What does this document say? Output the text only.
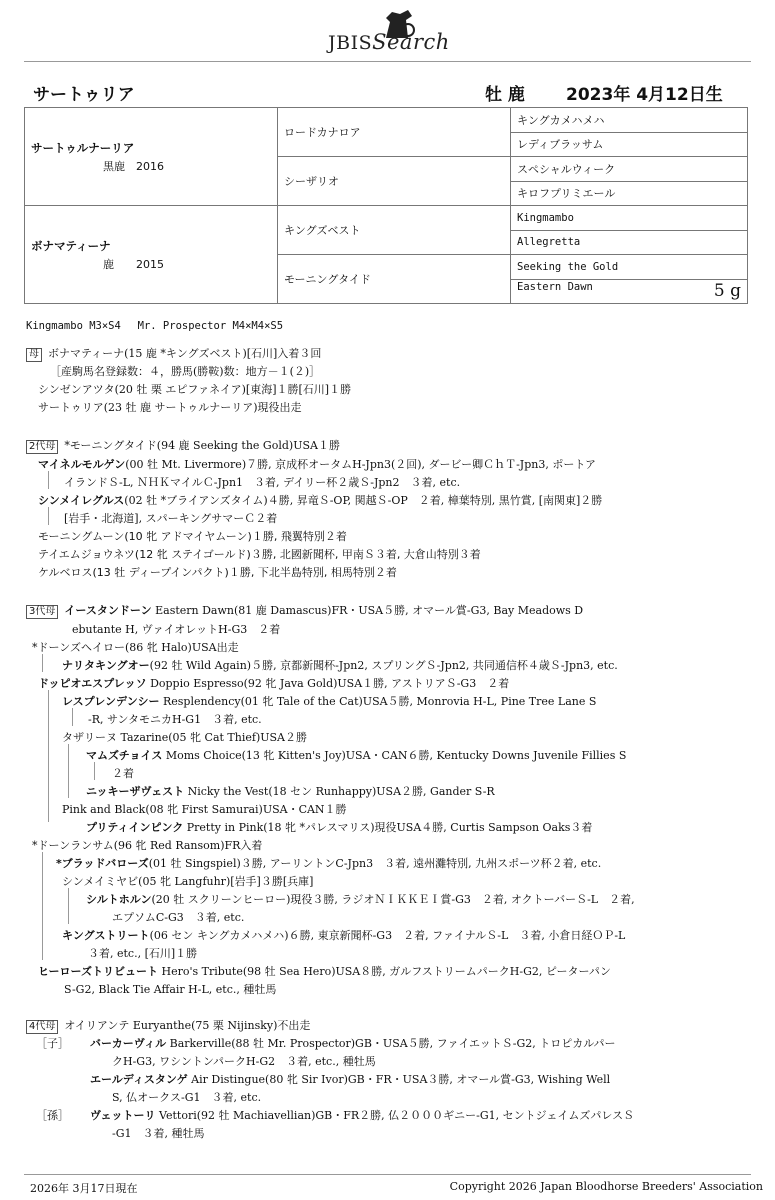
JBISSearch
サートゥリア	牡 鹿 2023年 4月12日生
サートゥルナーリア
黒鹿　2016	ロードカナロア	キングカメハメハ
		レディブラッサム
	シーザリオ	スペシャルウィーク
		キロフプリミエール

ボナマティーナ
鹿　　2015	キングズベスト	Kingmambo
		Allegretta
	モーニングタイド	Seeking the Gold
		Eastern Dawn 5 g
Kingmambo M3×S4　 Mr. Prospector M4×M4×S5
母 ボナマティーナ(15 鹿 *キングズベスト)[石川]入着３回
［産駒馬名登録数：４，勝馬(勝鞍)数：地方－１(２)］
シンゼンアツタ(20 牡 栗 エピファネイア)[東海]１勝[石川]１勝
サートゥリア(23 牡 鹿 サートゥルナーリア)現役出走
2代母 *モーニングタイド(94 鹿 Seeking the Gold)USA１勝
マイネルモルゲン(00 牡 Mt. Livermore)７勝, 京成杯オータムH-Jpn3(２回), ダービー卿ＣｈＴ-Jpn3, ポートア
イランドＳ-L, ＮＨＫマイルＣ-Jpn1　３着, デイリー杯２歳Ｓ-Jpn2　３着, etc.
シンメイレグルス(02 牡 *ブライアンズタイム)４勝, 昇竜Ｓ-OP, 関越Ｓ-OP　２着, 樟葉特別, 黒竹賞, [南関東]２勝
[岩手・北海道], スパーキングサマーＣ２着
モーニングムーン(10 牝 アドマイヤムーン)１勝, 飛翼特別２着
テイエムジョウネツ(12 牝 ステイゴールド)３勝, 北國新聞杯, 甲南Ｓ３着, 大倉山特別３着
ケルベロス(13 牡 ディープインパクト)１勝, 下北半島特別, 相馬特別２着
3代母 イースタンドーン Eastern Dawn(81 鹿 Damascus)FR・USA５勝, オマール賞-G3, Bay Meadows D
ebutante H, ヴァイオレットH-G3　２着
*ドーンズヘイロー(86 牝 Halo)USA出走
ナリタキングオー(92 牡 Wild Again)５勝, 京都新聞杯-Jpn2, スプリングＳ-Jpn2, 共同通信杯４歳Ｓ-Jpn3, etc.
ドッピオエスプレッソ Doppio Espresso(92 牝 Java Gold)USA１勝, アストリアＳ-G3　２着
レスプレンデンシー Resplendency(01 牝 Tale of the Cat)USA５勝, Monrovia H-L, Pine Tree Lane S
-R, サンタモニカH-G1　３着, etc.
タザリーヌ Tazarine(05 牝 Cat Thief)USA２勝
マムズチョイス Moms Choice(13 牝 Kitten's Joy)USA・CAN６勝, Kentucky Downs Juvenile Fillies S
２着
ニッキーザヴェスト Nicky the Vest(18 セン Runhappy)USA２勝, Gander S-R
Pink and Black(08 牝 First Samurai)USA・CAN１勝
プリティインピンク Pretty in Pink(18 牝 *パレスマリス)現役USA４勝, Curtis Sampson Oaks３着
*ドーンランサム(96 牝 Red Ransom)FR入着
*ブラッドバローズ(01 牡 Singspiel)３勝, アーリントンC-Jpn3　３着, 遠州灘特別, 九州スポーツ杯２着, etc.
シンメイミヤビ(05 牝 Langfuhr)[岩手]３勝[兵庫]
シルトホルン(20 牡 スクリーンヒーロー)現役３勝, ラジオＮＩＫＫＥＩ賞-G3　２着, オクトーバーＳ-L　２着,
エプソムC-G3　３着, etc.
キングストリート(06 セン キングカメハメハ)６勝, 東京新聞杯-G3　２着, ファイナルＳ-L　３着, 小倉日経ＯＰ-L
３着, etc., [石川]１勝
ヒーローズトリビュート Hero's Tribute(98 牡 Sea Hero)USA８勝, ガルフストリームパークH-G2, ピーターパン
S-G2, Black Tie Affair H-L, etc., 種牡馬
4代母 オイリアンテ Euryanthe(75 栗 Nijinsky)不出走
［子］ バーカーヴィル Barkerville(88 牡 Mr. Prospector)GB・USA５勝, ファイエットＳ-G2, トロピカルパー
クH-G3, ワシントンパークH-G2　３着, etc., 種牡馬
エールディスタンゲ Air Distingue(80 牝 Sir Ivor)GB・FR・USA３勝, オマール賞-G3, Wishing Well
S, 仏オークス-G1　３着, etc.
［孫］ ヴェットーリ Vettori(92 牡 Machiavellian)GB・FR２勝, 仏２０００ギニー-G1, セントジェイムズパレスＳ
-G1　３着, 種牡馬
2026年 3月17日現在	Copyright 2026 Japan Bloodhorse Breeders' Association
